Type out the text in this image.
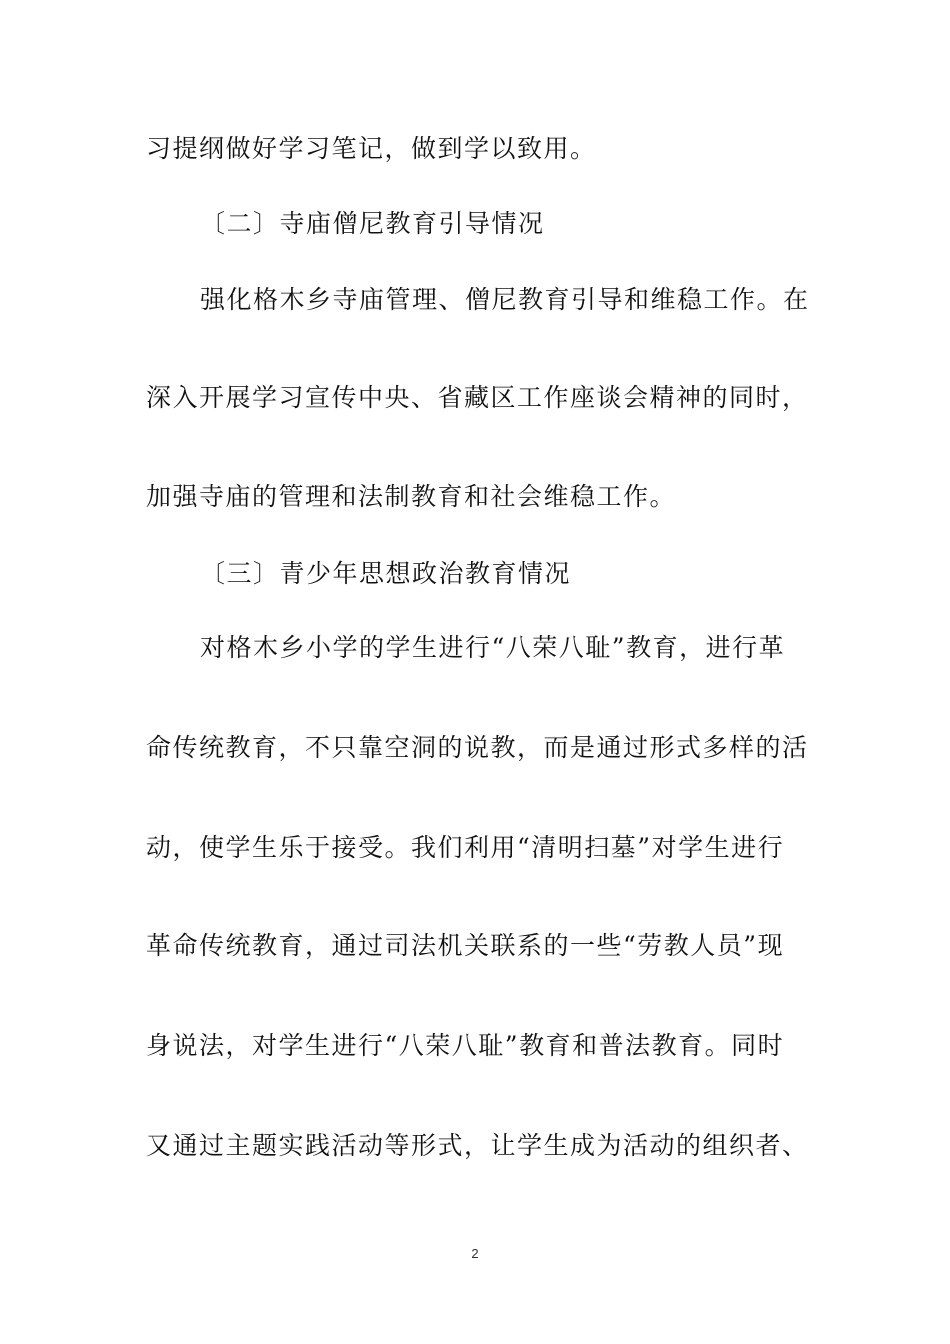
习提纲做好学习笔记，做到学以致用。
〔二〕寺庙僧尼教育引导情况
强化格木乡寺庙管理、僧尼教育引导和维稳工作。在
深入开展学习宣传中央、省藏区工作座谈会精神的同时，
加强寺庙的管理和法制教育和社会维稳工作。
〔三〕青少年思想政治教育情况
对格木乡小学的学生进行“八荣八耻”教育，进行革
命传统教育，不只靠空洞的说教，而是通过形式多样的活
动，使学生乐于接受。我们利用“清明扫墓”对学生进行
革命传统教育，通过司法机关联系的一些“劳教人员”现
身说法，对学生进行“八荣八耻”教育和普法教育。同时
又通过主题实践活动等形式，让学生成为活动的组织者、
2
